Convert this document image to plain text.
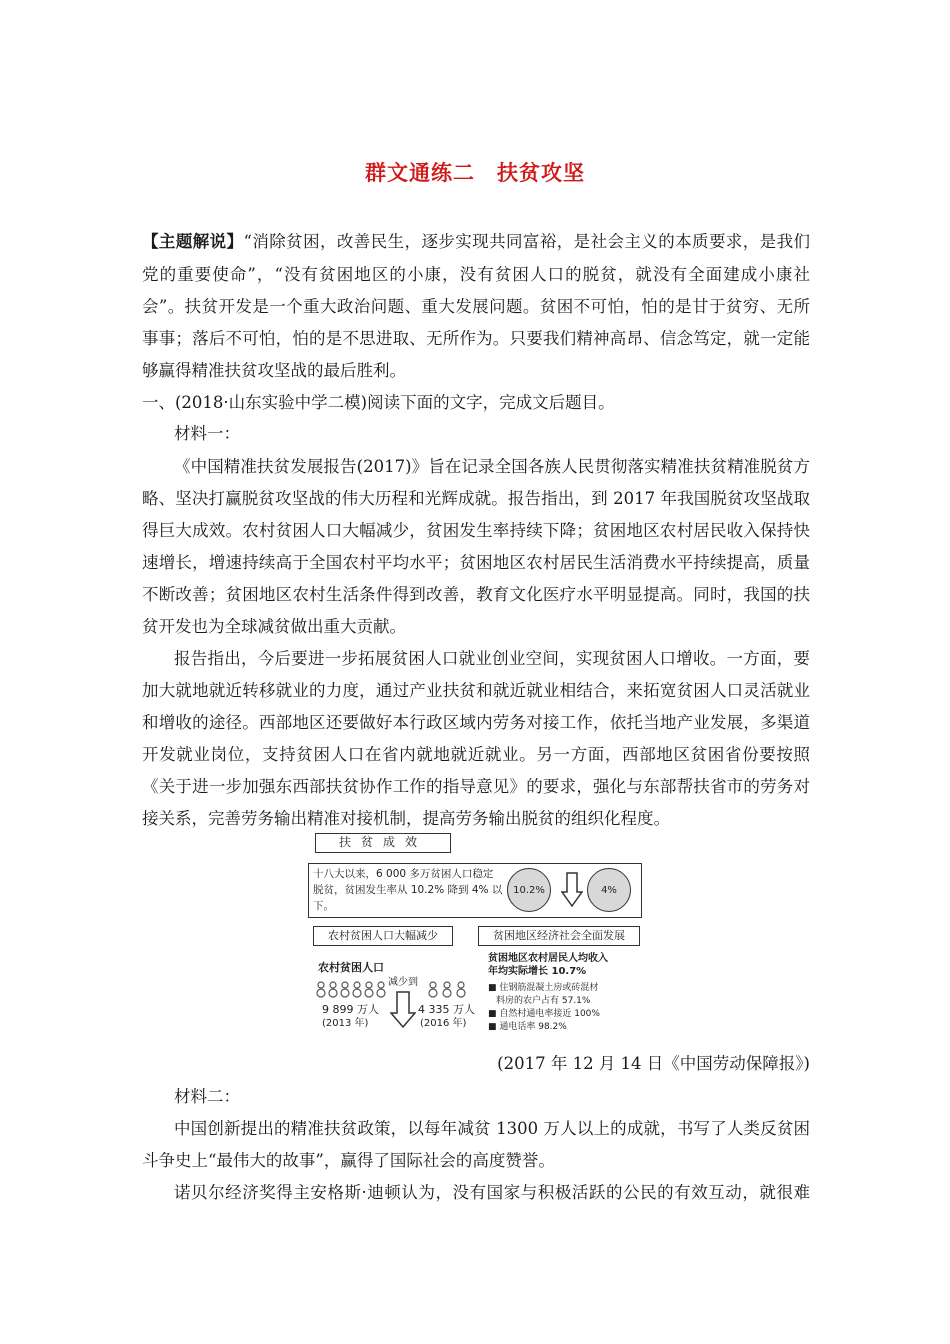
群文通练二　扶贫攻坚
【主题解说】“消除贫困，改善民生，逐步实现共同富裕，是社会主义的本质要求，是我们
党的重要使命”，“没有贫困地区的小康，没有贫困人口的脱贫，就没有全面建成小康社
会”。扶贫开发是一个重大政治问题、重大发展问题。贫困不可怕，怕的是甘于贫穷、无所
事事；落后不可怕，怕的是不思进取、无所作为。只要我们精神高昂、信念笃定，就一定能
够赢得精准扶贫攻坚战的最后胜利。
一、(2018·山东实验中学二模)阅读下面的文字，完成文后题目。
材料一：
《中国精准扶贫发展报告(2017)》旨在记录全国各族人民贯彻落实精准扶贫精准脱贫方
略、坚决打赢脱贫攻坚战的伟大历程和光辉成就。报告指出，到 2017 年我国脱贫攻坚战取
得巨大成效。农村贫困人口大幅减少，贫困发生率持续下降；贫困地区农村居民收入保持快
速增长，增速持续高于全国农村平均水平；贫困地区农村居民生活消费水平持续提高，质量
不断改善；贫困地区农村生活条件得到改善，教育文化医疗水平明显提高。同时，我国的扶
贫开发也为全球减贫做出重大贡献。
报告指出，今后要进一步拓展贫困人口就业创业空间，实现贫困人口增收。一方面，要
加大就地就近转移就业的力度，通过产业扶贫和就近就业相结合，来拓宽贫困人口灵活就业
和增收的途径。西部地区还要做好本行政区域内劳务对接工作，依托当地产业发展，多渠道
开发就业岗位，支持贫困人口在省内就地就近就业。另一方面，西部地区贫困省份要按照
《关于进一步加强东西部扶贫协作工作的指导意见》的要求，强化与东部帮扶省市的劳务对
接关系，完善劳务输出精准对接机制，提高劳务输出脱贫的组织化程度。
扶贫成效
十八大以来，6 000 多万贫困人口稳定脱贫，贫困发生率从 10.2% 降到 4% 以下。
10.2%	4%
农村贫困人口大幅减少	贫困地区经济社会全面发展
农村贫困人口
减少到
9 899 万人
(2013 年)
4 335 万人
(2016 年)
贫困地区农村居民人均收入
年均实际增长 10.7%
■ 住钢筋混凝土房或砖混材
料房的农户占有 57.1%
■ 自然村通电率接近 100%
■ 通电话率 98.2%
(2017 年 12 月 14 日《中国劳动保障报》)
材料二：
中国创新提出的精准扶贫政策，以每年减贫 1300 万人以上的成就，书写了人类反贫困
斗争史上“最伟大的故事”，赢得了国际社会的高度赞誉。
诺贝尔经济奖得主安格斯·迪顿认为，没有国家与积极活跃的公民的有效互动，就很难
